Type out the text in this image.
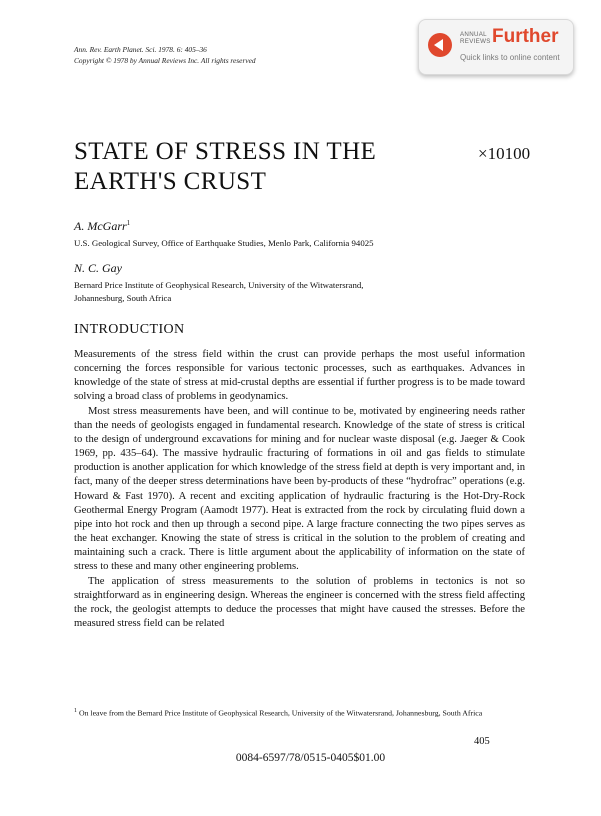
Ann. Rev. Earth Planet. Sci. 1978. 6: 405–36
Copyright © 1978 by Annual Reviews Inc. All rights reserved
ANNUAL
REVIEWS Further
Quick links to online content
STATE OF STRESS IN THE
EARTH'S CRUST
×10100
A. McGarr$^1$
U.S. Geological Survey, Office of Earthquake Studies, Menlo Park, California 94025
N. C. Gay
Bernard Price Institute of Geophysical Research, University of the Witwatersrand,
Johannesburg, South Africa
INTRODUCTION

Measurements of the stress field within the crust can provide perhaps the most useful information concerning the forces responsible for various tectonic processes, such as earthquakes. Advances in knowledge of the state of stress at mid-crustal depths are essential if further progress is to be made toward solving a broad class of problems in geodynamics.

Most stress measurements have been, and will continue to be, motivated by engineering needs rather than the needs of geologists engaged in fundamental research. Knowledge of the state of stress is critical to the design of underground excavations for mining and for nuclear waste disposal (e.g. Jaeger & Cook 1969, pp. 435–64). The massive hydraulic fracturing of formations in oil and gas fields to stimulate production is another application for which knowledge of the stress field at depth is very important and, in fact, many of the deeper stress determinations have been by-products of these “hydrofrac” operations (e.g. Howard & Fast 1970). A recent and exciting application of hydraulic fracturing is the Hot-Dry-Rock Geothermal Energy Program (Aamodt 1977). Heat is extracted from the rock by circulating fluid down a pipe into hot rock and then up through a second pipe. A large fracture connecting the two pipes serves as the heat exchanger. Knowing the state of stress is critical in the solution to the problem of creating and maintaining such a crack. There is little argument about the applicability of information on the state of stress to these and many other engineering problems.

The application of stress measurements to the solution of problems in tectonics is not so straightforward as in engineering design. Whereas the engineer is concerned with the stress field affecting the rock, the geologist attempts to deduce the processes that might have caused the stresses. Before the measured stress field can be related

$^1$ On leave from the Bernard Price Institute of Geophysical Research, University of the Witwatersrand, Johannesburg, South Africa
405
0084-6597/78/0515-0405$01.00
